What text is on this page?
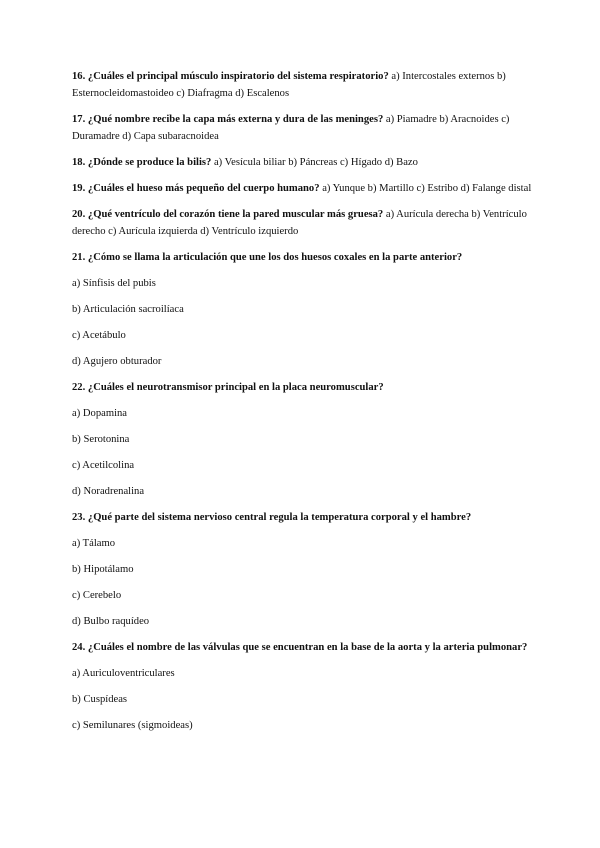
16. ¿Cuáles el principal músculo inspiratorio del sistema respiratorio? a) Intercostales externos b) Esternocleidomastoideo c) Diafragma d) Escalenos

17. ¿Qué nombre recibe la capa más externa y dura de las meninges? a) Piamadre b) Aracnoides c) Duramadre d) Capa subaracnoidea

18. ¿Dónde se produce la bilis? a) Vesícula biliar b) Páncreas c) Hígado d) Bazo

19. ¿Cuáles el hueso más pequeño del cuerpo humano? a) Yunque b) Martillo c) Estribo d) Falange distal

20. ¿Qué ventrículo del corazón tiene la pared muscular más gruesa? a) Aurícula derecha b) Ventrículo derecho c) Aurícula izquierda d) Ventrículo izquierdo

21. ¿Cómo se llama la articulación que une los dos huesos coxales en la parte anterior?

a) Sínfisis del pubis

b) Articulación sacroilíaca

c) Acetábulo

d) Agujero obturador

22. ¿Cuáles el neurotransmisor principal en la placa neuromuscular?

a) Dopamina

b) Serotonina

c) Acetilcolina

d) Noradrenalina

23. ¿Qué parte del sistema nervioso central regula la temperatura corporal y el hambre?

a) Tálamo

b) Hipotálamo

c) Cerebelo

d) Bulbo raquídeo

24. ¿Cuáles el nombre de las válvulas que se encuentran en la base de la aorta y la arteria pulmonar?

a) Auriculoventriculares

b) Cuspídeas

c) Semilunares (sigmoideas)
